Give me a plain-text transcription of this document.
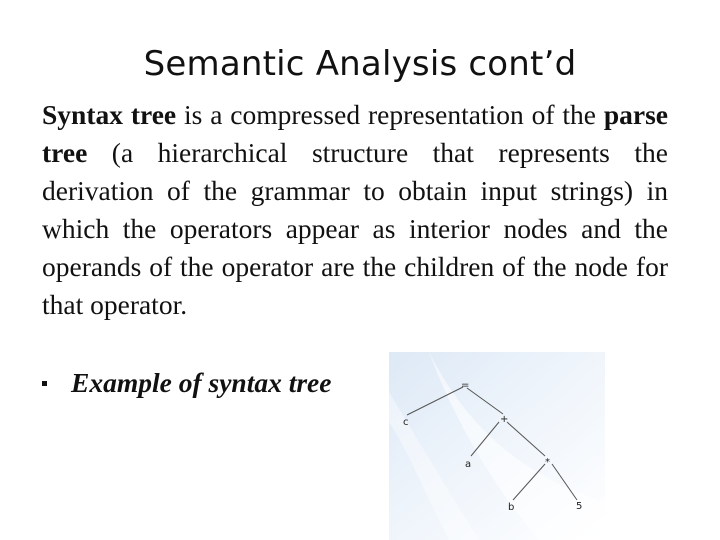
Semantic Analysis cont’d
Syntax tree is a compressed representation of the parse tree (a hierarchical structure that represents the derivation of the grammar to obtain input strings) in which the operators appear as interior nodes and the operands of the operator are the children of the node for that operator.
Example of syntax tree	=
c	+
a	*
b	5
